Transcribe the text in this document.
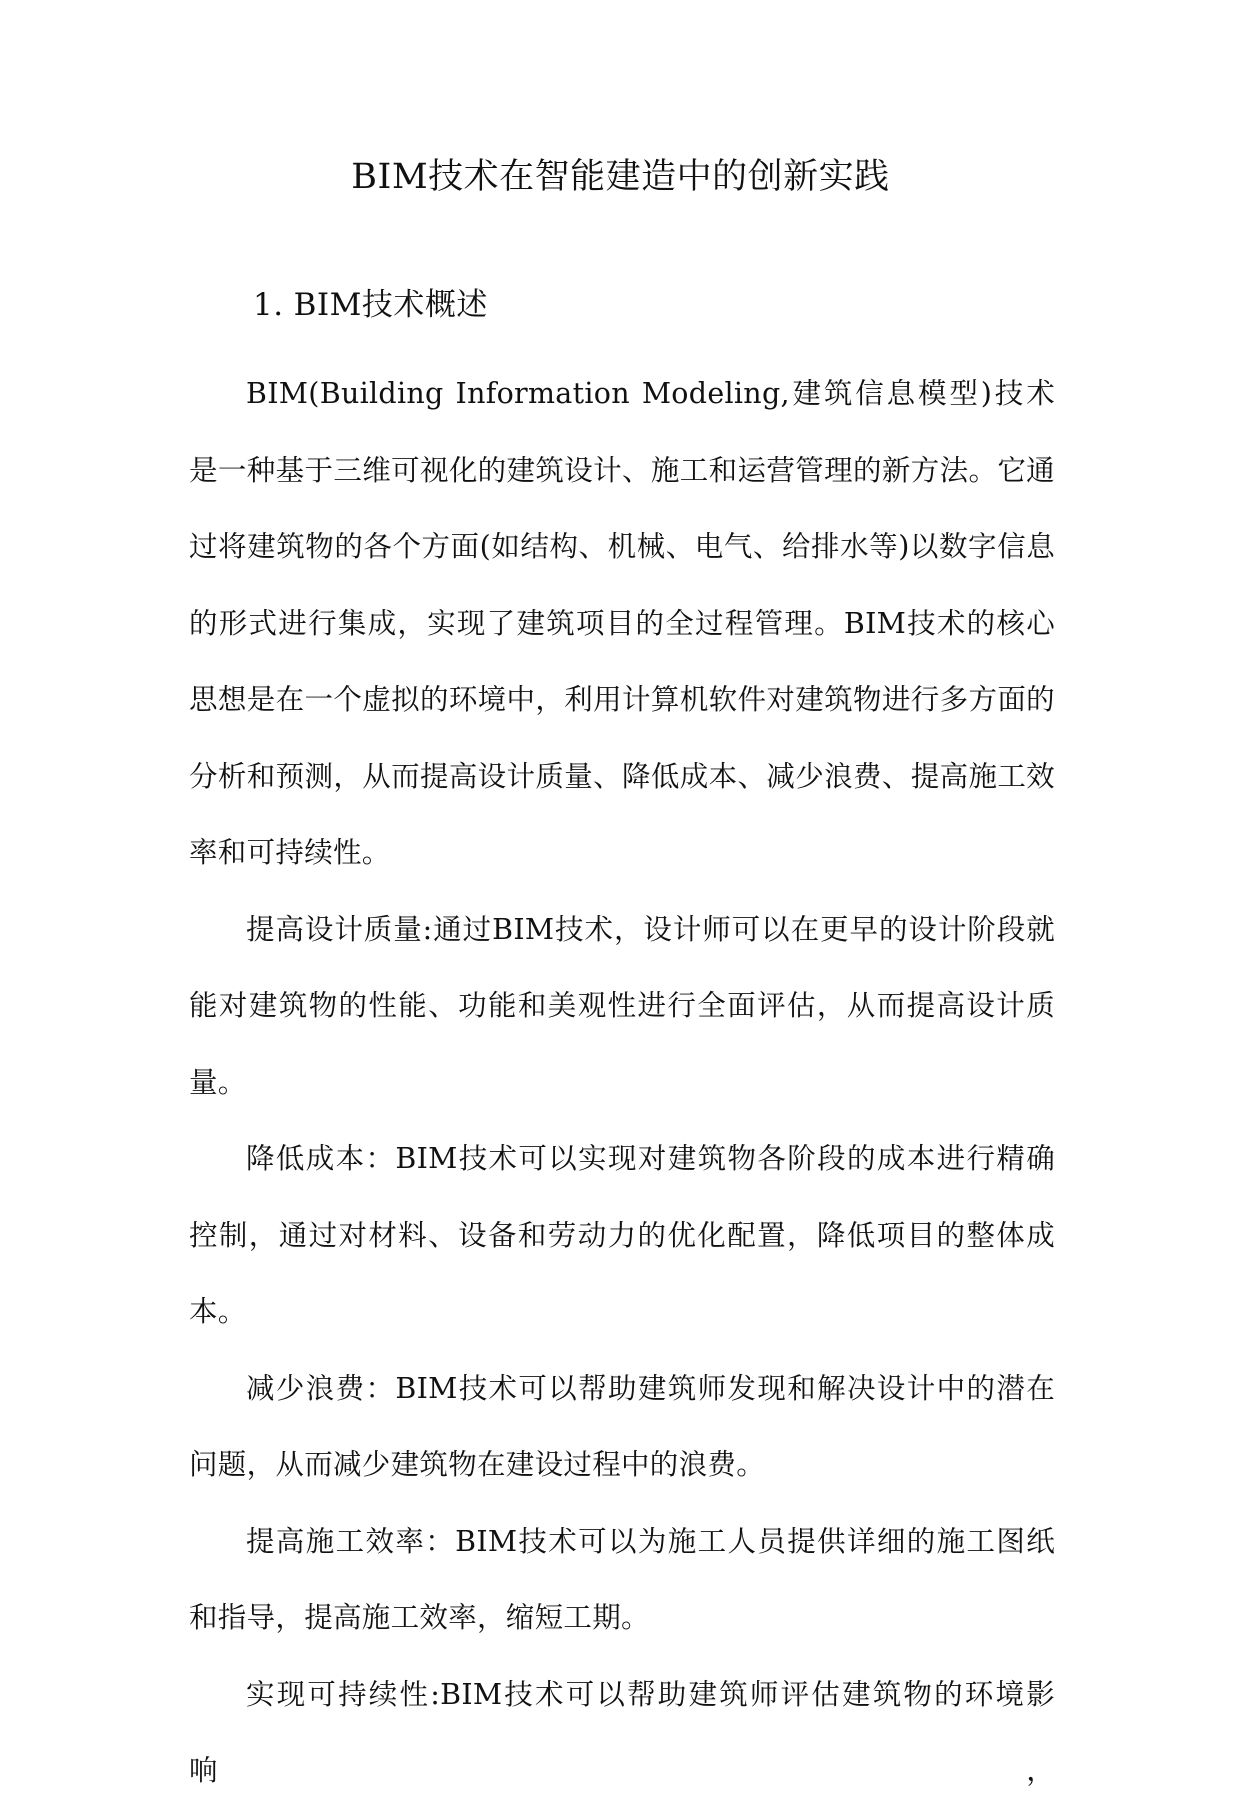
BIM技术在智能建造中的创新实践
1. BIM技术概述

BIM(Building Information Modeling,建筑信息模型)技术是一种基于三维可视化的建筑设计、施工和运营管理的新方法。它通过将建筑物的各个方面(如结构、机械、电气、给排水等)以数字信息的形式进行集成，实现了建筑项目的全过程管理。BIM技术的核心思想是在一个虚拟的环境中，利用计算机软件对建筑物进行多方面的分析和预测，从而提高设计质量、降低成本、减少浪费、提高施工效率和可持续性。

提高设计质量:通过BIM技术，设计师可以在更早的设计阶段就能对建筑物的性能、功能和美观性进行全面评估，从而提高设计质量。

降低成本：BIM技术可以实现对建筑物各阶段的成本进行精确控制，通过对材料、设备和劳动力的优化配置，降低项目的整体成本。

减少浪费：BIM技术可以帮助建筑师发现和解决设计中的潜在问题，从而减少建筑物在建设过程中的浪费。

提高施工效率：BIM技术可以为施工人员提供详细的施工图纸和指导，提高施工效率，缩短工期。

实现可持续性:BIM技术可以帮助建筑师评估建筑物的环境影响，
